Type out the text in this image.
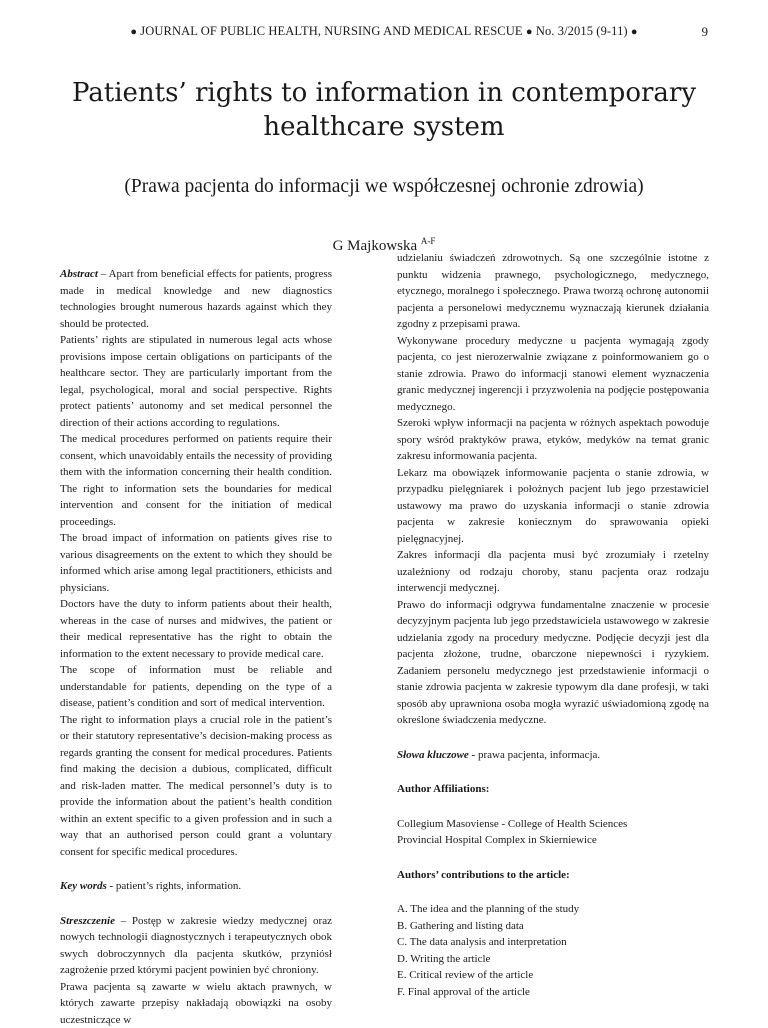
● JOURNAL OF PUBLIC HEALTH, NURSING AND MEDICAL RESCUE ● No. 3/2015 (9-11) ●	9
Patients’ rights to information in contemporary healthcare system

(Prawa pacjenta do informacji we współczesnej ochronie zdrowia)

G Majkowska $^{A-F}$

Abstract – Apart from beneficial effects for patients, progress made in medical knowledge and new diagnostics technologies brought numerous hazards against which they should be protected.

Patients’ rights are stipulated in numerous legal acts whose provisions impose certain obligations on participants of the healthcare sector. They are particularly important from the legal, psychological, moral and social perspective. Rights protect patients’ autonomy and set medical personnel the direction of their actions according to regulations.

The medical procedures performed on patients require their consent, which unavoidably entails the necessity of providing them with the information concerning their health condition. The right to information sets the boundaries for medical intervention and consent for the initiation of medical proceedings.

The broad impact of information on patients gives rise to various disagreements on the extent to which they should be informed which arise among legal practitioners, ethicists and physicians.

Doctors have the duty to inform patients about their health, whereas in the case of nurses and midwives, the patient or their medical representative has the right to obtain the information to the extent necessary to provide medical care.

The scope of information must be reliable and understandable for patients, depending on the type of a disease, patient’s condition and sort of medical intervention.

The right to information plays a crucial role in the patient’s or their statutory representative’s decision-making process as regards granting the consent for medical procedures. Patients find making the decision a dubious, complicated, difficult and risk-laden matter. The medical personnel’s duty is to provide the information about the patient’s health condition within an extent specific to a given profession and in such a way that an authorised person could grant a voluntary consent for specific medical procedures.

Key words - patient’s rights, information.

Streszczenie – Postęp w zakresie wiedzy medycznej oraz nowych technologii diagnostycznych i terapeutycznych obok swych dobroczynnych dla pacjenta skutków, przyniósł zagrożenie przed którymi pacjent powinien być chroniony.

Prawa pacjenta są zawarte w wielu aktach prawnych, w których zawarte przepisy nakładają obowiązki na osoby uczestniczące w

udzielaniu świadczeń zdrowotnych. Są one szczególnie istotne z punktu widzenia prawnego, psychologicznego, medycznego, etycznego, moralnego i społecznego. Prawa tworzą ochronę autonomii pacjenta a personelowi medycznemu wyznaczają kierunek działania zgodny z przepisami prawa.

Wykonywane procedury medyczne u pacjenta wymagają zgody pacjenta, co jest nierozerwalnie związane z poinformowaniem go o stanie zdrowia. Prawo do informacji stanowi element wyznaczenia granic medycznej ingerencji i przyzwolenia na podjęcie postępowania medycznego.

Szeroki wpływ informacji na pacjenta w różnych aspektach powoduje spory wśród praktyków prawa, etyków, medyków na temat granic zakresu informowania pacjenta.

Lekarz ma obowiązek informowanie pacjenta o stanie zdrowia, w przypadku pielęgniarek i położnych pacjent lub jego przestawiciel ustawowy ma prawo do uzyskania informacji o stanie zdrowia pacjenta w zakresie koniecznym do sprawowania opieki pielęgnacyjnej.

Zakres informacji dla pacjenta musi być zrozumiały i rzetelny uzależniony od rodzaju choroby, stanu pacjenta oraz rodzaju interwencji medycznej.

Prawo do informacji odgrywa fundamentalne znaczenie w procesie decyzyjnym pacjenta lub jego przedstawiciela ustawowego w zakresie udzielania zgody na procedury medyczne. Podjęcie decyzji jest dla pacjenta złożone, trudne, obarczone niepewności i ryzykiem. Zadaniem personelu medycznego jest przedstawienie informacji o stanie zdrowia pacjenta w zakresie typowym dla dane profesji, w taki sposób aby uprawniona osoba mogła wyrazić uświadomioną zgodę na określone świadczenia medyczne.

Słowa kluczowe - prawa pacjenta, informacja.

Author Affiliations:

Collegium Masoviense - College of Health Sciences

Provincial Hospital Complex in Skierniewice

Authors’ contributions to the article:

A. The idea and the planning of the study

B. Gathering and listing data

C. The data analysis and interpretation

D. Writing the article

E. Critical review of the article

F. Final approval of the article
